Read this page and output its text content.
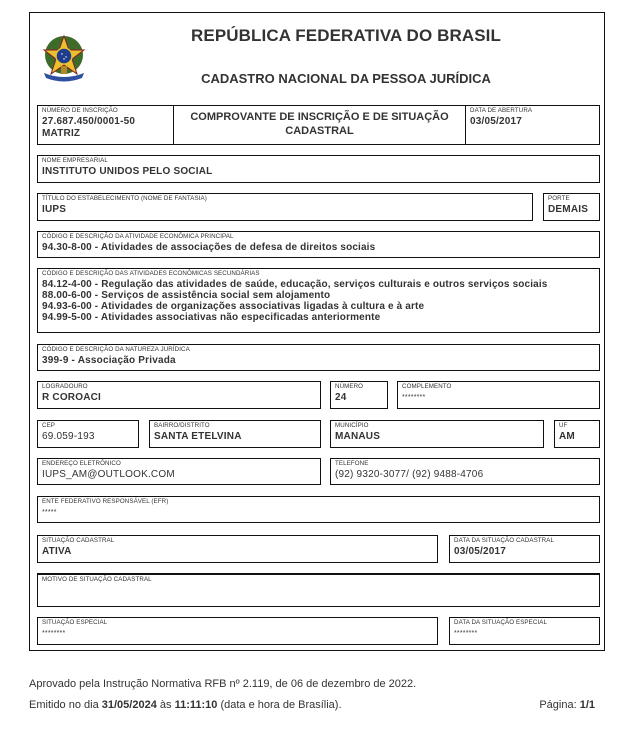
REPÚBLICA FEDERATIVA DO BRASIL
CADASTRO NACIONAL DA PESSOA JURÍDICA
NÚMERO DE INSCRIÇÃO
27.687.450/0001-50
MATRIZ
COMPROVANTE DE INSCRIÇÃO E DE SITUAÇÃO CADASTRAL
DATA DE ABERTURA
03/05/2017
NOME EMPRESARIAL
INSTITUTO UNIDOS PELO SOCIAL
TÍTULO DO ESTABELECIMENTO (NOME DE FANTASIA)
IUPS
PORTE
DEMAIS
CÓDIGO E DESCRIÇÃO DA ATIVIDADE ECONÔMICA PRINCIPAL
94.30-8-00 - Atividades de associações de defesa de direitos sociais
CÓDIGO E DESCRIÇÃO DAS ATIVIDADES ECONÔMICAS SECUNDÁRIAS
84.12-4-00 - Regulação das atividades de saúde, educação, serviços culturais e outros serviços sociais
88.00-6-00 - Serviços de assistência social sem alojamento
94.93-6-00 - Atividades de organizações associativas ligadas à cultura e à arte
94.99-5-00 - Atividades associativas não especificadas anteriormente
CÓDIGO E DESCRIÇÃO DA NATUREZA JURÍDICA
399-9 - Associação Privada
LOGRADOURO
R COROACI
NÚMERO
24
COMPLEMENTO
********
CEP
69.059-193
BAIRRO/DISTRITO
SANTA ETELVINA
MUNICÍPIO
MANAUS
UF
AM
ENDEREÇO ELETRÔNICO
IUPS_AM@OUTLOOK.COM
TELEFONE
(92) 9320-3077/ (92) 9488-4706
ENTE FEDERATIVO RESPONSÁVEL (EFR)
*****
SITUAÇÃO CADASTRAL
ATIVA
DATA DA SITUAÇÃO CADASTRAL
03/05/2017
MOTIVO DE SITUAÇÃO CADASTRAL
SITUAÇÃO ESPECIAL
********
DATA DA SITUAÇÃO ESPECIAL
********
Aprovado pela Instrução Normativa RFB nº 2.119, de 06 de dezembro de 2022.
Emitido no dia 31/05/2024 às 11:11:10 (data e hora de Brasília).	Página: 1/1
